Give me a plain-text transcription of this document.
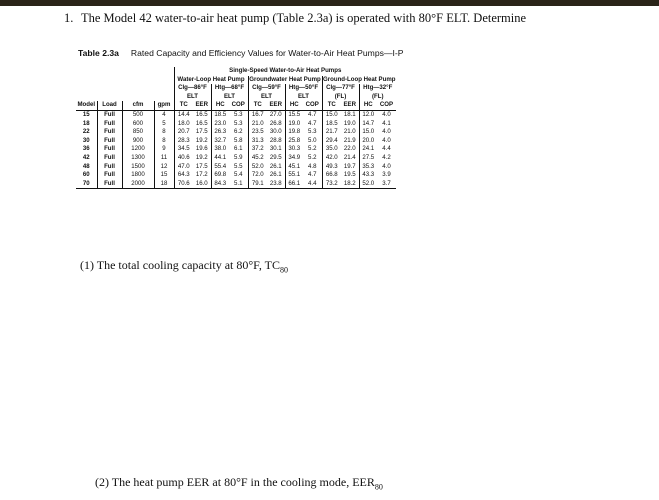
1. The Model 42 water-to-air heat pump (Table 2.3a) is operated with 80°F ELT. Determine
Table 2.3a Rated Capacity and Efficiency Values for Water-to-Air Heat Pumps—I-P
				Single-Speed Water-to-Air Heat Pumps											
				Water-Loop Heat Pump				Groundwater Heat Pump				Ground-Loop Heat Pump			
				Clg—86°F		Htg—68°F		Clg—59°F		Htg—50°F		Clg—77°F		Htg—32°F	
				ELT		ELT		ELT		ELT		(FL)		(FL)	
Model	Load	cfm	gpm	TC	EER	HC	COP	TC	EER	HC	COP	TC	EER	HC	COP
15	Full	500	4	14.4	16.5	18.5	5.3	16.7	27.0	15.5	4.7	15.0	18.1	12.0	4.0
18	Full	600	5	18.0	16.5	23.0	5.3	21.0	26.8	19.0	4.7	18.5	19.0	14.7	4.1
22	Full	850	8	20.7	17.5	26.3	6.2	23.5	30.0	19.8	5.3	21.7	21.0	15.0	4.0
30	Full	900	8	28.3	19.2	32.7	5.8	31.3	28.8	25.8	5.0	29.4	21.9	20.0	4.0
36	Full	1200	9	34.5	19.6	38.0	6.1	37.2	30.1	30.3	5.2	35.0	22.0	24.1	4.4
42	Full	1300	11	40.6	19.2	44.1	5.9	45.2	29.5	34.9	5.2	42.0	21.4	27.5	4.2
48	Full	1500	12	47.0	17.5	55.4	5.5	52.0	26.1	45.1	4.8	49.3	19.7	35.3	4.0
60	Full	1800	15	64.3	17.2	69.8	5.4	72.0	26.1	55.1	4.7	66.8	19.5	43.3	3.9
70	Full	2000	18	70.6	16.0	84.3	5.1	79.1	23.8	66.1	4.4	73.2	18.2	52.0	3.7
(1) The total cooling capacity at 80°F, $TC_{80}$
(2) The heat pump EER at 80°F in the cooling mode, $EER_{80}$
